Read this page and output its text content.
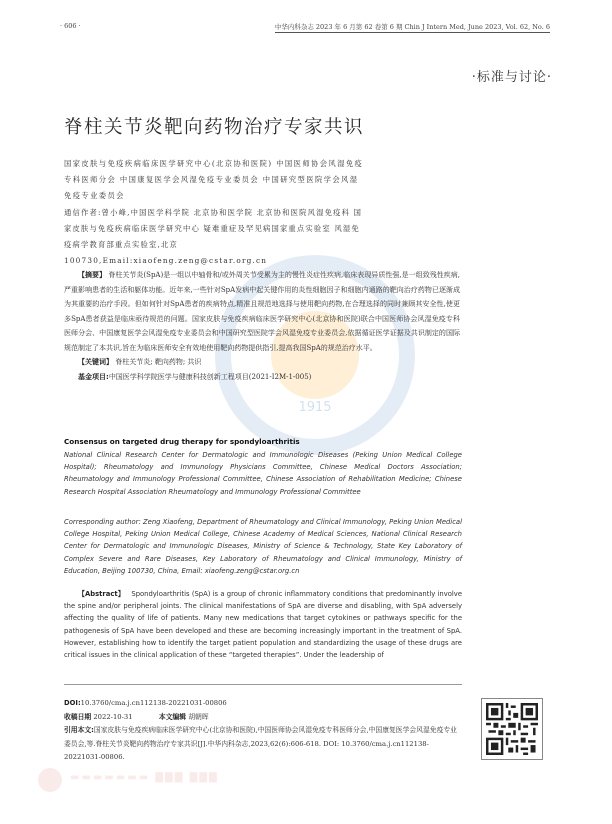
1915
· 606 ·	中华内科杂志 2023 年 6 月第 62 卷第 6 期 Chin J Intern Med, June 2023, Vol. 62, No. 6
·标准与讨论·
脊柱关节炎靶向药物治疗专家共识
国家皮肤与免疫疾病临床医学研究中心(北京协和医院) 中国医师协会风湿免疫专科医师分会 中国康复医学会风湿免疫专业委员会 中国研究型医院学会风湿免疫专业委员会
通信作者:曾小峰,中国医学科学院 北京协和医学院 北京协和医院风湿免疫科 国家皮肤与免疫疾病临床医学研究中心 疑难重症及罕见病国家重点实验室 风湿免疫病学教育部重点实验室,北京100730,Email:xiaofeng.zeng@cstar.org.cn
【摘要】 脊柱关节炎(SpA)是一组以中轴骨和/或外周关节受累为主的慢性炎症性疾病,临床表现异质性强,是一组致残性疾病,严重影响患者的生活和躯体功能。近年来,一些针对SpA发病中起关键作用的炎性细胞因子和细胞内通路的靶向治疗药物已逐渐成为其重要的治疗手段。但如何针对SpA患者的疾病特点,精准且规范地选择与使用靶向药物,在合理选择的同时兼顾其安全性,使更多SpA患者获益是临床亟待规范的问题。国家皮肤与免疫疾病临床医学研究中心(北京协和医院)联合中国医师协会风湿免疫专科医师分会、中国康复医学会风湿免疫专业委员会和中国研究型医院学会风湿免疫专业委员会,依据循证医学证据及共识制定的国际规范制定了本共识,旨在为临床医师安全有效地使用靶向药物提供指引,提高我国SpA的规范治疗水平。
【关键词】 脊柱关节炎; 靶向药物; 共识
基金项目:中国医学科学院医学与健康科技创新工程项目(2021-I2M-1-005)
Consensus on targeted drug therapy for spondyloarthritis
National Clinical Research Center for Dermatologic and Immunologic Diseases (Peking Union Medical College Hospital); Rheumatology and Immunology Physicians Committee, Chinese Medical Doctors Association; Rheumatology and Immunology Professional Committee, Chinese Association of Rehabilitation Medicine; Chinese Research Hospital Association Rheumatology and Immunology Professional Committee
Corresponding author: Zeng Xiaofeng, Department of Rheumatology and Clinical Immunology, Peking Union Medical College Hospital, Peking Union Medical College, Chinese Academy of Medical Sciences, National Clinical Research Center for Dermatologic and Immunologic Diseases, Ministry of Science & Technology, State Key Laboratory of Complex Severe and Rare Diseases, Key Laboratory of Rheumatology and Clinical Immunology, Ministry of Education, Beijing 100730, China, Email: xiaofeng.zeng@cstar.org.cn
【Abstract】 Spondyloarthritis (SpA) is a group of chronic inflammatory conditions that predominantly involve the spine and/or peripheral joints. The clinical manifestations of SpA are diverse and disabling, with SpA adversely affecting the quality of life of patients. Many new medications that target cytokines or pathways specific for the pathogenesis of SpA have been developed and these are becoming increasingly important in the treatment of SpA. However, establishing how to identify the target patient population and standardizing the usage of these drugs are critical issues in the clinical application of these “targeted therapies”. Under the leadership of
DOI:10.3760/cma.j.cn112138-20221031-00806
收稿日期 2022-10-31	本文编辑 胡朝晖
引用本文:国家皮肤与免疫疾病临床医学研究中心(北京协和医院),中国医师协会风湿免疫专科医师分会,中国康复医学会风湿免疫专业委员会,等.脊柱关节炎靶向药物治疗专家共识[J].中华内科杂志,2023,62(6):606-618. DOI: 10.3760/cma.j.cn112138-20221031-00806.
▬▬▬▬▬▬▬ ▇▇▇ ▇▇▇
